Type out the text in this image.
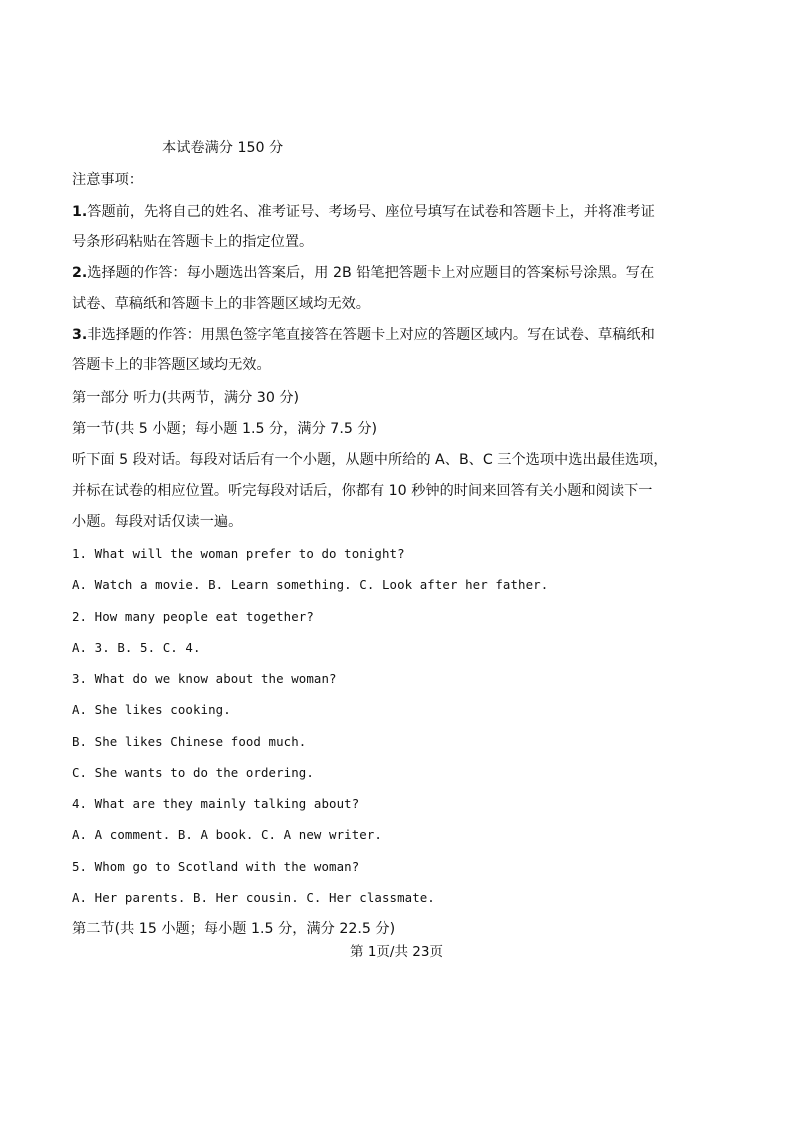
本试卷满分 150 分
注意事项：
1.答题前，先将自己的姓名、准考证号、考场号、座位号填写在试卷和答题卡上，并将准考证
号条形码粘贴在答题卡上的指定位置。
2.选择题的作答：每小题选出答案后，用 2B 铅笔把答题卡上对应题目的答案标号涂黑。写在
试卷、草稿纸和答题卡上的非答题区域均无效。
3.非选择题的作答：用黑色签字笔直接答在答题卡上对应的答题区域内。写在试卷、草稿纸和
答题卡上的非答题区域均无效。
第一部分 听力(共两节，满分 30 分)
第一节(共 5 小题；每小题 1.5 分，满分 7.5 分)
听下面 5 段对话。每段对话后有一个小题，从题中所给的 A、B、C 三个选项中选出最佳选项，
并标在试卷的相应位置。听完每段对话后，你都有 10 秒钟的时间来回答有关小题和阅读下一
小题。每段对话仅读一遍。
1. What will the woman prefer to do tonight?
A. Watch a movie. B. Learn something. C. Look after her father.
2. How many people eat together?
A. 3. B. 5. C. 4.
3. What do we know about the woman?
A. She likes cooking.
B. She likes Chinese food much.
C. She wants to do the ordering.
4. What are they mainly talking about?
A. A comment. B. A book. C. A new writer.
5. Whom go to Scotland with the woman?
A. Her parents. B. Her cousin. C. Her classmate.
第二节(共 15 小题；每小题 1.5 分，满分 22.5 分)
第 1页/共 23页
